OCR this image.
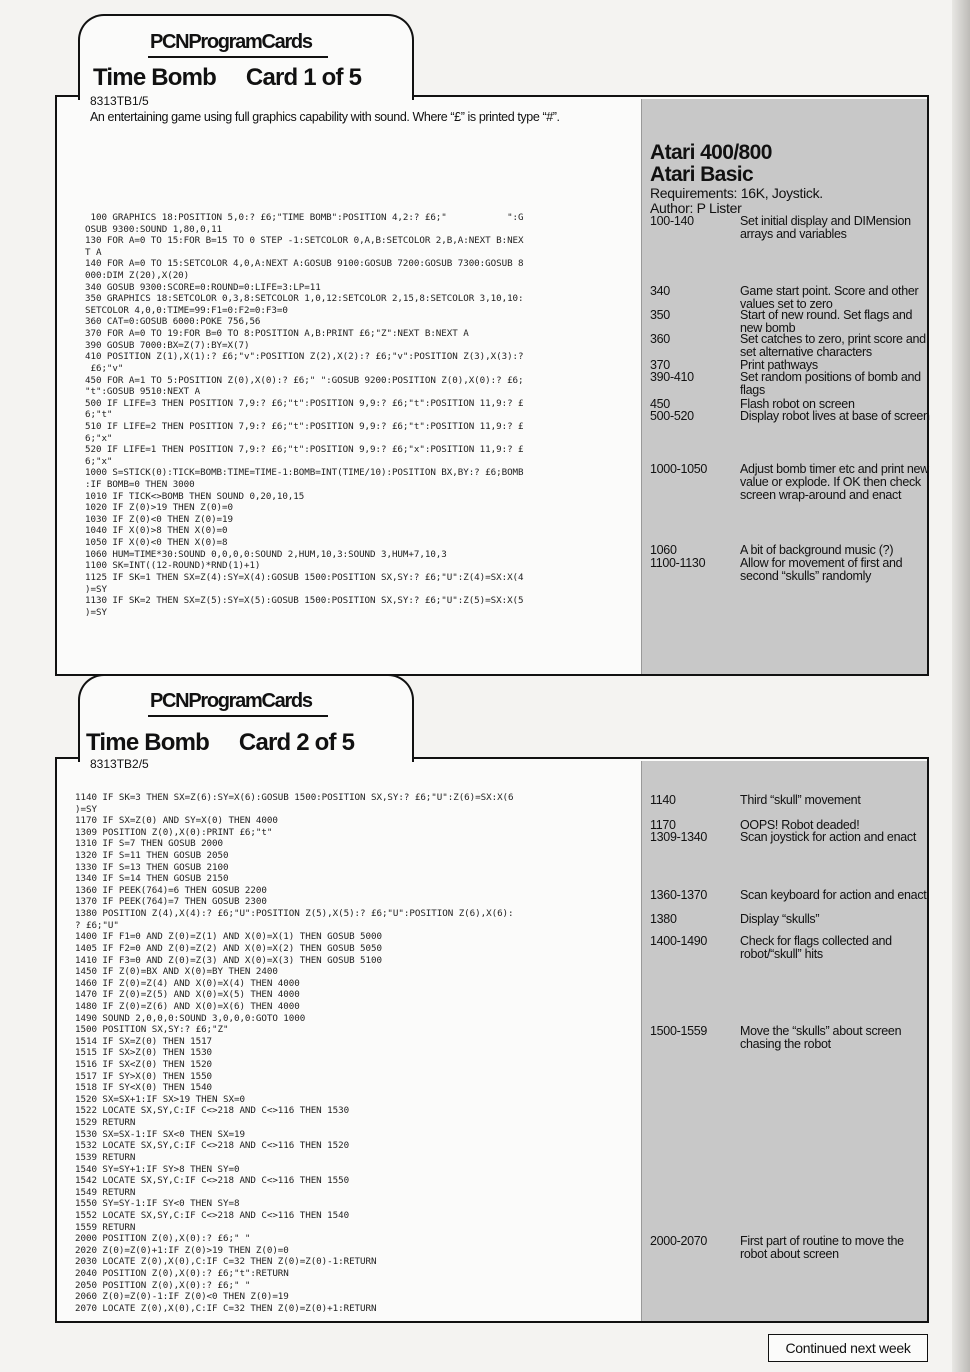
100 GRAPHICS 18:POSITION 5,0:? £6;"TIME BOMB":POSITION 4,2:? £6;"           ":G
OSUB 9300:SOUND 1,80,0,11
130 FOR A=0 TO 15:FOR B=15 TO 0 STEP -1:SETCOLOR 0,A,B:SETCOLOR 2,B,A:NEXT B:NEX
T A
140 FOR A=0 TO 15:SETCOLOR 4,0,A:NEXT A:GOSUB 9100:GOSUB 7200:GOSUB 7300:GOSUB 8
000:DIM Z(20),X(20)
340 GOSUB 9300:SCORE=0:ROUND=0:LIFE=3:LP=11
350 GRAPHICS 18:SETCOLOR 0,3,8:SETCOLOR 1,0,12:SETCOLOR 2,15,8:SETCOLOR 3,10,10:
SETCOLOR 4,0,0:TIME=99:F1=0:F2=0:F3=0
360 CAT=0:GOSUB 6000:POKE 756,56
370 FOR A=0 TO 19:FOR B=0 TO 8:POSITION A,B:PRINT £6;"Z":NEXT B:NEXT A
390 GOSUB 7000:BX=Z(7):BY=X(7)
410 POSITION Z(1),X(1):? £6;"v":POSITION Z(2),X(2):? £6;"v":POSITION Z(3),X(3):?
£6;"v"
450 FOR A=1 TO 5:POSITION Z(0),X(0):? £6;" ":GOSUB 9200:POSITION Z(0),X(0):? £6;
"t":GOSUB 9510:NEXT A
500 IF LIFE=3 THEN POSITION 7,9:? £6;"t":POSITION 9,9:? £6;"t":POSITION 11,9:? £
6;"t"
510 IF LIFE=2 THEN POSITION 7,9:? £6;"t":POSITION 9,9:? £6;"t":POSITION 11,9:? £
6;"x"
520 IF LIFE=1 THEN POSITION 7,9:? £6;"t":POSITION 9,9:? £6;"x":POSITION 11,9:? £
6;"x"
1000 S=STICK(0):TICK=BOMB:TIME=TIME-1:BOMB=INT(TIME/10):POSITION BX,BY:? £6;BOMB
:IF BOMB=0 THEN 3000
1010 IF TICK<>BOMB THEN SOUND 0,20,10,15
1020 IF Z(0)>19 THEN Z(0)=0
1030 IF Z(0)<0 THEN Z(0)=19
1040 IF X(0)>8 THEN X(0)=0
1050 IF X(0)<0 THEN X(0)=8
1060 HUM=TIME*30:SOUND 0,0,0,0:SOUND 2,HUM,10,3:SOUND 3,HUM+7,10,3
1100 SK=INT((12-ROUND)*RND(1)+1)
1125 IF SK=1 THEN SX=Z(4):SY=X(4):GOSUB 1500:POSITION SX,SY:? £6;"U":Z(4)=SX:X(4
)=SY
1130 IF SK=2 THEN SX=Z(5):SY=X(5):GOSUB 1500:POSITION SX,SY:? £6;"U":Z(5)=SX:X(5
)=SY
100-140	Set initial display and DIMension arrays and variables
340	Game start point. Score and other values set to zero
350	Start of new round. Set flags and new bomb
360	Set catches to zero, print score and set alternative characters
370	Print pathways
390-410	Set random positions of bomb and flags
450	Flash robot on screen
500-520	Display robot lives at base of screen
1000-1050	Adjust bomb timer etc and print new value or explode. If OK then check screen wrap-around and enact
1060	A bit of background music (?)
1100-1130	Allow for movement of first and second “skulls” randomly
Atari 400/800
Atari Basic
Requirements: 16K, Joystick.
Author: P Lister
PCNProgramCards
Time Bomb Card 1 of 5
8313TB1/5
An entertaining game using full graphics capability with sound. Where “£” is printed type “#”.
1140 IF SK=3 THEN SX=Z(6):SY=X(6):GOSUB 1500:POSITION SX,SY:? £6;"U":Z(6)=SX:X(6
)=SY
1170 IF SX=Z(0) AND SY=X(0) THEN 4000
1309 POSITION Z(0),X(0):PRINT £6;"t"
1310 IF S=7 THEN GOSUB 2000
1320 IF S=11 THEN GOSUB 2050
1330 IF S=13 THEN GOSUB 2100
1340 IF S=14 THEN GOSUB 2150
1360 IF PEEK(764)=6 THEN GOSUB 2200
1370 IF PEEK(764)=7 THEN GOSUB 2300
1380 POSITION Z(4),X(4):? £6;"U":POSITION Z(5),X(5):? £6;"U":POSITION Z(6),X(6):
? £6;"U"
1400 IF F1=0 AND Z(0)=Z(1) AND X(0)=X(1) THEN GOSUB 5000
1405 IF F2=0 AND Z(0)=Z(2) AND X(0)=X(2) THEN GOSUB 5050
1410 IF F3=0 AND Z(0)=Z(3) AND X(0)=X(3) THEN GOSUB 5100
1450 IF Z(0)=BX AND X(0)=BY THEN 2400
1460 IF Z(0)=Z(4) AND X(0)=X(4) THEN 4000
1470 IF Z(0)=Z(5) AND X(0)=X(5) THEN 4000
1480 IF Z(0)=Z(6) AND X(0)=X(6) THEN 4000
1490 SOUND 2,0,0,0:SOUND 3,0,0,0:GOTO 1000
1500 POSITION SX,SY:? £6;"Z"
1514 IF SX=Z(0) THEN 1517
1515 IF SX>Z(0) THEN 1530
1516 IF SX<Z(0) THEN 1520
1517 IF SY>X(0) THEN 1550
1518 IF SY<X(0) THEN 1540
1520 SX=SX+1:IF SX>19 THEN SX=0
1522 LOCATE SX,SY,C:IF C<>218 AND C<>116 THEN 1530
1529 RETURN
1530 SX=SX-1:IF SX<0 THEN SX=19
1532 LOCATE SX,SY,C:IF C<>218 AND C<>116 THEN 1520
1539 RETURN
1540 SY=SY+1:IF SY>8 THEN SY=0
1542 LOCATE SX,SY,C:IF C<>218 AND C<>116 THEN 1550
1549 RETURN
1550 SY=SY-1:IF SY<0 THEN SY=8
1552 LOCATE SX,SY,C:IF C<>218 AND C<>116 THEN 1540
1559 RETURN
2000 POSITION Z(0),X(0):? £6;" "
2020 Z(0)=Z(0)+1:IF Z(0)>19 THEN Z(0)=0
2030 LOCATE Z(0),X(0),C:IF C=32 THEN Z(0)=Z(0)-1:RETURN
2040 POSITION Z(0),X(0):? £6;"t":RETURN
2050 POSITION Z(0),X(0):? £6;" "
2060 Z(0)=Z(0)-1:IF Z(0)<0 THEN Z(0)=19
2070 LOCATE Z(0),X(0),C:IF C=32 THEN Z(0)=Z(0)+1:RETURN
1140	Third “skull” movement
1170	OOPS! Robot deaded!
1309-1340	Scan joystick for action and enact
1360-1370	Scan keyboard for action and enact
1380	Display “skulls”
1400-1490	Check for flags collected and robot/“skull” hits
1500-1559	Move the “skulls” about screen chasing the robot
2000-2070	First part of routine to move the robot about screen
PCNProgramCards
Time Bomb Card 2 of 5
8313TB2/5
Continued next week
